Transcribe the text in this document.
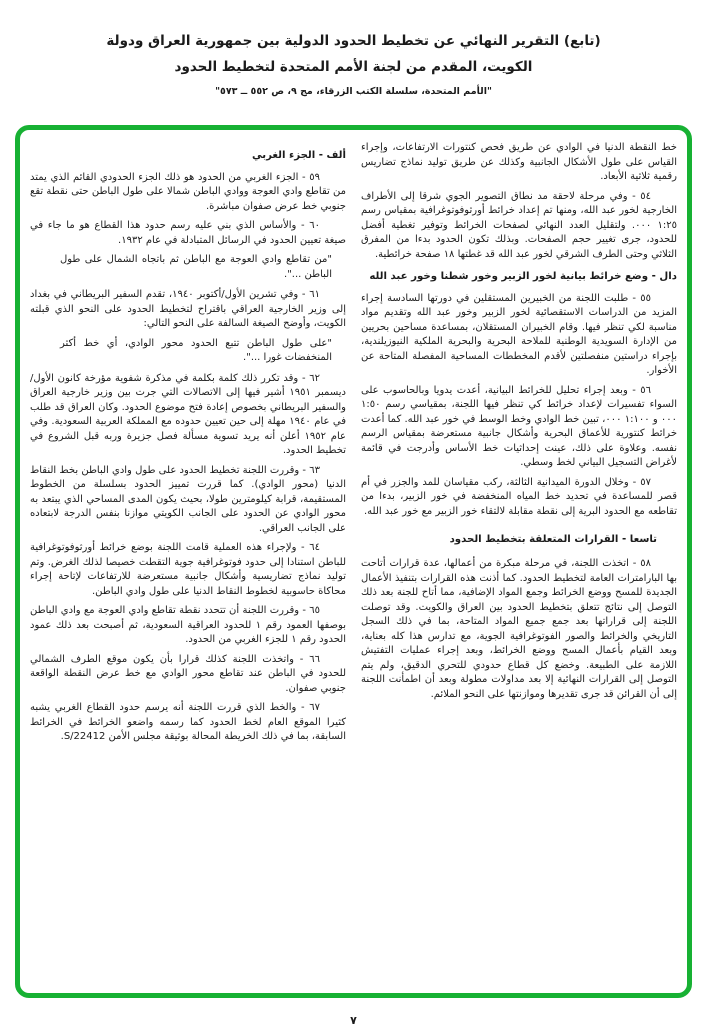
(تابع) التقرير النهائي عن تخطيط الحدود الدولية بين جمهورية العراق ودولة
الكويت، المقدم من لجنة الأمم المتحدة لتخطيط الحدود
"الأمم المتحدة، سلسلة الكتب الزرقاء، مج ٩، ص ٥٥٢ ــ ٥٧٣"

خط النقطة الدنيا في الوادي عن طريق فحص كنتورات الارتفاعات، وإجراء القياس على طول الأشكال الجانبية وكذلك عن طريق توليد نماذج تضاريس رقمية ثلاثية الأبعاد.

٥٤ - وفي مرحلة لاحقة مد نطاق التصوير الجوي شرقا إلى الأطراف الخارجية لخور عبد الله، ومنها تم إعداد خرائط أورثوفوتوغرافية بمقياس رسم ١:٢٥ ٠٠٠. ولتقليل العدد النهائي لصفحات الخرائط وتوفير تغطية أفضل للحدود، جرى تغيير حجم الصفحات. وبذلك تكون الحدود بدءا من المفرق الثلاثي وحتى الطرف الشرقي لخور عبد الله قد غطتها ١٨ صفحة خرائطية.

دال - وضع خرائط بيانية لخور الزبير وخور شطنا وخور عبد الله

٥٥ - طلبت اللجنة من الخبيرين المستقلين في دورتها السادسة إجراء المزيد من الدراسات الاستقصائية لخور الزبير وخور عبد الله وتقديم مواد مناسبة لكي تنظر فيها. وقام الخبيران المستقلان، بمساعدة مساحين بحريين من الإدارة السويدية الوطنية للملاحة البحرية والبحرية الملكية النيوزيلندية، بإجراء دراستين منفصلتين لأقدم المخططات المساحية المفصلة المتاحة عن الأخوار.

٥٦ - وبعد إجراء تحليل للخرائط البيانية، أعدت يدويا وبالحاسوب على السواء تفسيرات لإعداد خرائط كي تنظر فيها اللجنة، بمقياسي رسم ١:٥٠ ٠٠٠ و ١:١٠٠ ٠٠٠، تبين خط الوادي وخط الوسط في خور عبد الله. كما أعدت خرائط كنتورية للأعماق البحرية وأشكال جانبية مستعرضة بمقياس الرسم نفسه. وعلاوة على ذلك، عينت إحداثيات خط الأساس وأدرجت في قائمة لأغراض التسجيل البياني لخط وسطي.

٥٧ - وخلال الدورة الميدانية الثالثة، ركب مقياسان للمد والجزر في أم قصر للمساعدة في تحديد خط المياه المنخفضة في خور الزبير، بدءا من تقاطعه مع الحدود البرية إلى نقطة مقابلة لالتقاء خور الزبير مع خور عبد الله.

تاسعا - القرارات المتعلقة بتخطيط الحدود

٥٨ - اتخذت اللجنة، في مرحلة مبكرة من أعمالها، عدة قرارات أتاحت بها البارامترات العامة لتخطيط الحدود. كما أذنت هذه القرارات بتنفيذ الأعمال الجديدة للمسح ووضع الخرائط وجمع المواد الإضافية، مما أتاح للجنة بعد ذلك التوصل إلى نتائج تتعلق بتخطيط الحدود بين العراق والكويت. وقد توصلت اللجنة إلى قراراتها بعد جمع جميع المواد المتاحة، بما في ذلك السجل التاريخي والخرائط والصور الفوتوغرافية الجوية، مع تدارس هذا كله بعناية، وبعد القيام بأعمال المسح ووضع الخرائط، وبعد إجراء عمليات التفتيش اللازمة على الطبيعة. وخضع كل قطاع حدودي للتحري الدقيق، ولم يتم التوصل إلى القرارات النهائية إلا بعد مداولات مطولة وبعد أن اطمأنت اللجنة إلى أن القرائن قد جرى تقديرها وموازنتها على النحو الملائم.

ألف - الجزء الغربي

٥٩ - الجزء الغربي من الحدود هو ذلك الجزء الحدودي القائم الذي يمتد من تقاطع وادي العوجة ووادي الباطن شمالا على طول الباطن حتى نقطة تقع جنوبي خط عرض صفوان مباشرة.

٦٠ - والأساس الذي بني عليه رسم حدود هذا القطاع هو ما جاء في صيغة تعيين الحدود في الرسائل المتبادلة في عام ١٩٣٢.

"من تقاطع وادي العوجة مع الباطن ثم باتجاه الشمال على طول الباطن ...".

٦١ - وفي تشرين الأول/أكتوبر ١٩٤٠، تقدم السفير البريطاني في بغداد إلى وزير الخارجية العراقي باقتراح لتخطيط الحدود على النحو الذي قبلته الكويت، وأوضح الصيغة السالفة على النحو التالي:

"على طول الباطن تتبع الحدود محور الوادي، أي خط أكثر المنخفضات غورا ...".

٦٢ - وقد تكرر ذلك كلمة بكلمة في مذكرة شفوية مؤرخة كانون الأول/ ديسمبر ١٩٥١ أشير فيها إلى الاتصالات التي جرت بين وزير خارجية العراق والسفير البريطاني بخصوص إعادة فتح موضوع الحدود. وكان العراق قد طلب في عام ١٩٤٠ مهلة إلى حين تعيين حدوده مع المملكة العربية السعودية. وفي عام ١٩٥٢ أعلن أنه يريد تسوية مسألة فصل جزيرة وربه قبل الشروع في تخطيط الحدود.

٦٣ - وقررت اللجنة تخطيط الحدود على طول وادي الباطن بخط النقاط الدنيا (محور الوادي). كما قررت تمييز الحدود بسلسلة من الخطوط المستقيمة، قرابة كيلومترين طولا، بحيث يكون المدى المساحي الذي يبتعد به محور الوادي عن الحدود على الجانب الكويتي موازنا بنفس الدرجة لابتعاده على الجانب العراقي.

٦٤ - ولإجراء هذه العملية قامت اللجنة بوضع خرائط أورثوفوتوغرافية للباطن استنادا إلى حدود فوتوغرافية جوية التقطت خصيصا لذلك الغرض. وتم توليد نماذج تضاريسية وأشكال جانبية مستعرضة للارتفاعات لإتاحة إجراء محاكاة حاسوبية لخطوط النقاط الدنيا على طول وادي الباطن.

٦٥ - وقررت اللجنة أن تتحدد نقطة تقاطع وادي العوجة مع وادي الباطن بوصفها العمود رقم ١ للحدود العراقية السعودية، ثم أصبحت بعد ذلك عمود الحدود رقم ١ للجزء الغربي من الحدود.

٦٦ - واتخذت اللجنة كذلك قرارا بأن يكون موقع الطرف الشمالي للحدود في الباطن عند تقاطع محور الوادي مع خط عرض النقطة الواقعة جنوبي صفوان.

٦٧ - والخط الذي قررت اللجنة أنه يرسم حدود القطاع الغربي يشبه كثيرا الموقع العام لخط الحدود كما رسمه واضعو الخرائط في الخرائط السابقة، بما في ذلك الخريطة المحالة بوثيقة مجلس الأمن S/22412.

٧
